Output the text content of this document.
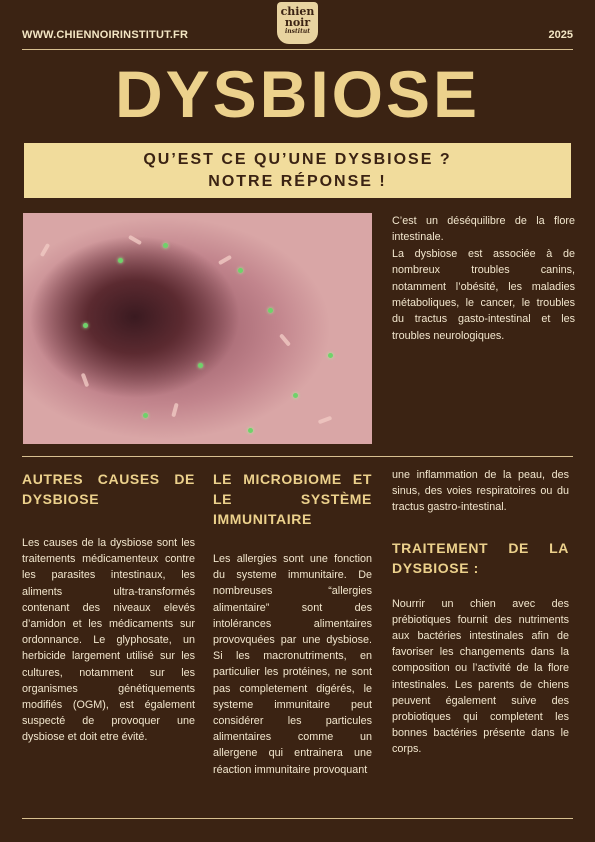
WWW.CHIENNOIRINSTITUT.FR	2025
chien
noir
institut
DYSBIOSE
QU’EST CE QU’UNE DYSBIOSE ?
NOTRE RÉPONSE !

C’est un déséquilibre de la flore intestinale.

La dysbiose est associée à de nombreux troubles canins, notamment l’obésité, les maladies métaboliques, le cancer, le troubles du tractus gasto-intestinal et les troubles neurologiques.

AUTRES CAUSES DE DYSBIOSE

Les causes de la dysbiose sont les traitements médicamenteux contre les parasites intestinaux, les aliments ultra-transformés contenant des niveaux elevés d’amidon et les médicaments sur ordonnance. Le glyphosate, un herbicide largement utilisé sur les cultures, notamment sur les organismes génétiquements modifiés (OGM), est également suspecté de provoquer une dysbiose et doit etre évité.

LE MICROBIOME ET LE SYSTÈME IMMUNITAIRE

Les allergies sont une fonction du systeme immunitaire. De nombreuses “allergies alimentaire” sont des intolérances alimentaires provovquées par une dysbiose. Si les macronutriments, en particulier les protéines, ne sont pas completement digérés, le systeme immunitaire peut considérer les particules alimentaires comme un allergene qui entrainera une réaction immunitaire provoquant

une inflammation de la peau, des sinus, des voies respiratoires ou du tractus gastro-intestinal.

TRAITEMENT DE LA DYSBIOSE :

Nourrir un chien avec des prébiotiques fournit des nutriments aux bactéries intestinales afin de favoriser les changements dans la composition ou l’activité de la flore intestinales. Les parents de chiens peuvent également suive des probiotiques qui completent les bonnes bactéries présente dans le corps.
